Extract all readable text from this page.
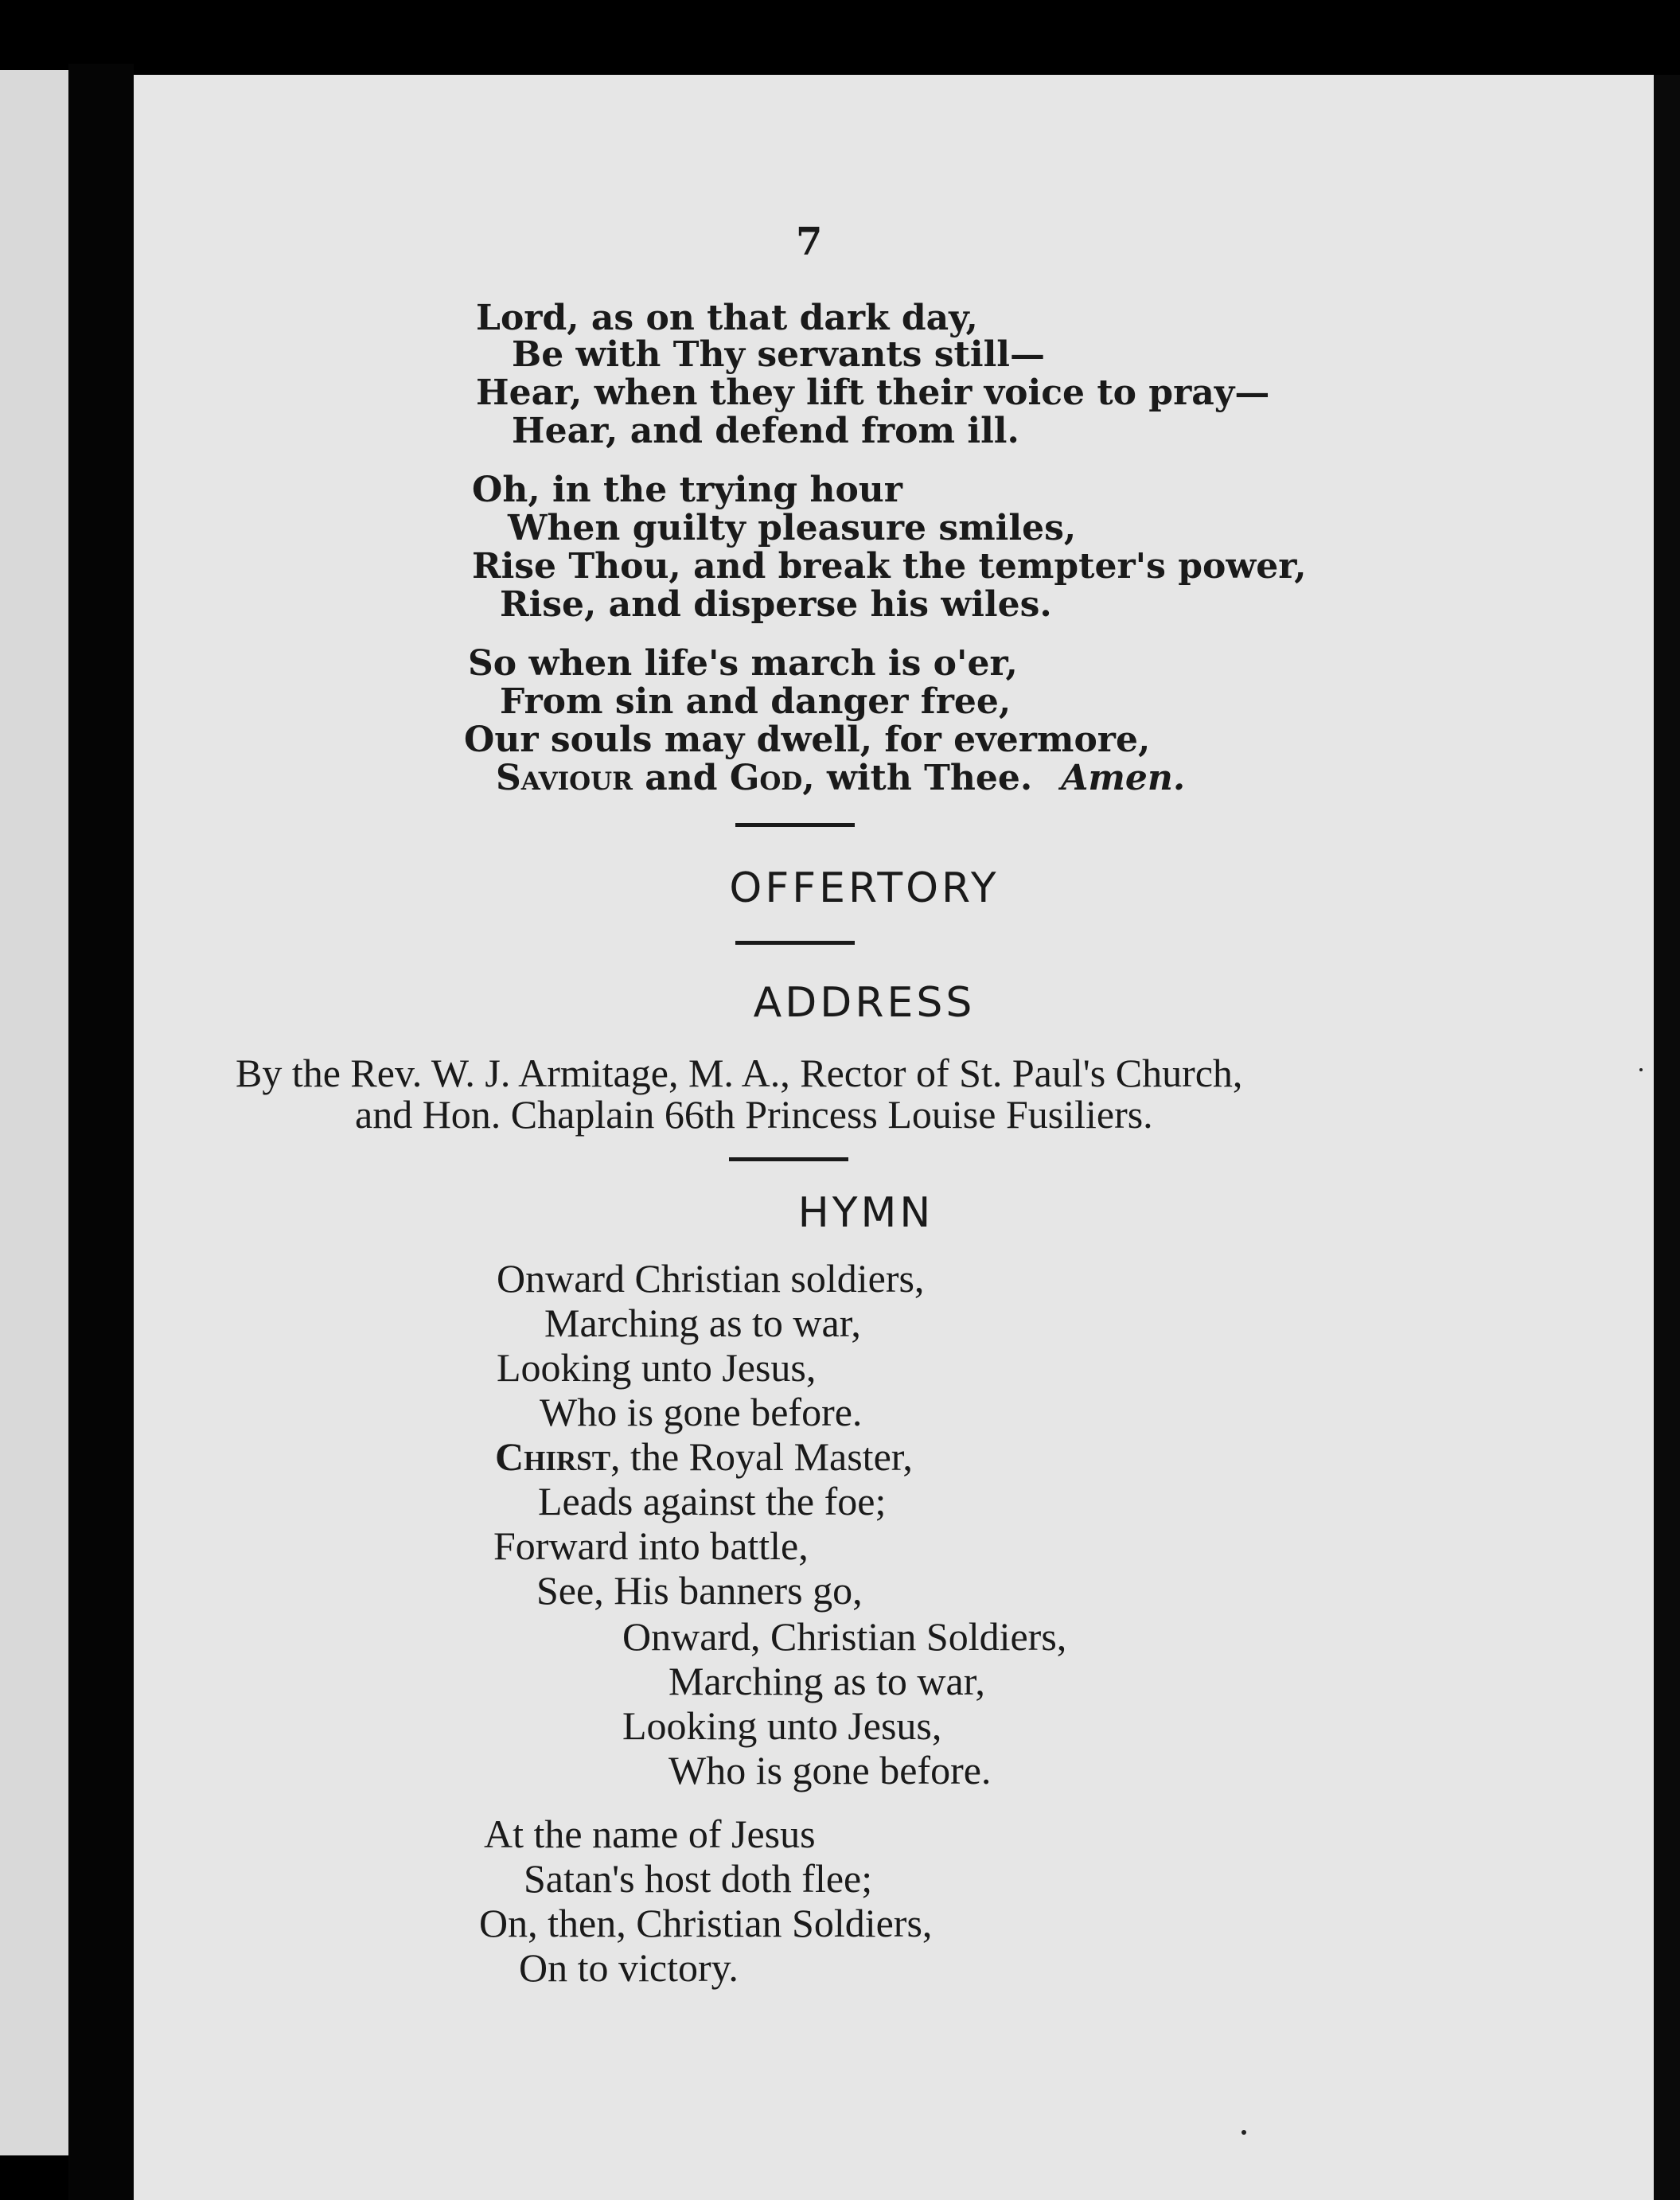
7
Lord, as on that dark day,
Be with Thy servants still—
Hear, when they lift their voice to pray—
Hear, and defend from ill.
Oh, in the trying hour
When guilty pleasure smiles,
Rise Thou, and break the tempter's power,
Rise, and disperse his wiles.
So when life's march is o'er,
From sin and danger free,
Our souls may dwell, for evermore,
Saviour and God, with Thee. Amen.
OFFERTORY
ADDRESS
By the Rev. W. J. Armitage, M. A., Rector of St. Paul's Church,
and Hon. Chaplain 66th Princess Louise Fusiliers.
HYMN
Onward Christian soldiers,
Marching as to war,
Looking unto Jesus,
Who is gone before.
Chirst, the Royal Master,
Leads against the foe;
Forward into battle,
See, His banners go,
Onward, Christian Soldiers,
Marching as to war,
Looking unto Jesus,
Who is gone before.
At the name of Jesus
Satan's host doth flee;
On, then, Christian Soldiers,
On to victory.
